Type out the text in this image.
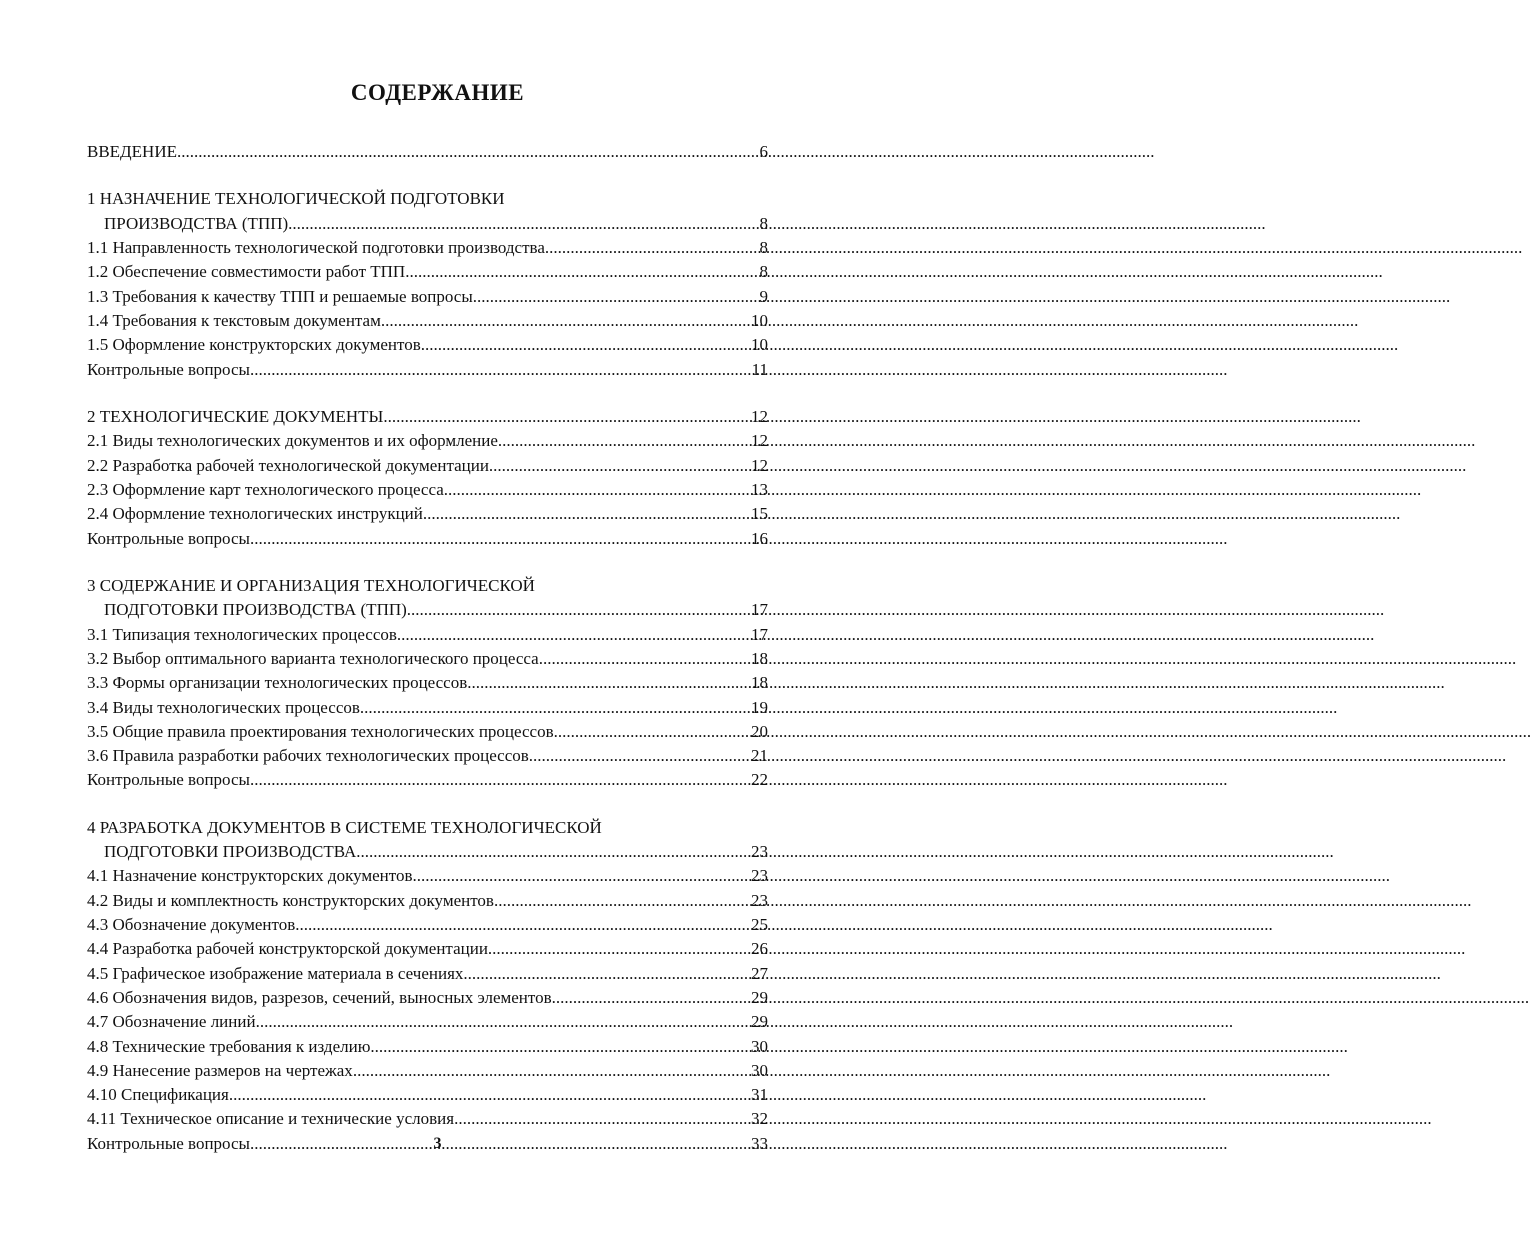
СОДЕРЖАНИЕ
ВВЕДЕНИЕ .....	6
1 НАЗНАЧЕНИЕ ТЕХНОЛОГИЧЕСКОЙ ПОДГОТОВКИ
ПРОИЗВОДСТВА (ТПП) .....	8
1.1 Направленность технологической подготовки производства .....	8
1.2 Обеспечение совместимости работ ТПП .....	8
1.3 Требования к качеству ТПП и решаемые вопросы .....	9
1.4 Требования к текстовым документам .....	10
1.5 Оформление конструкторских документов .....	10
Контрольные вопросы .....	11
2 ТЕХНОЛОГИЧЕСКИЕ ДОКУМЕНТЫ .....	12
2.1 Виды технологических документов и их оформление .....	12
2.2 Разработка рабочей технологической документации .....	12
2.3 Оформление карт технологического процесса .....	13
2.4 Оформление технологических инструкций .....	15
Контрольные вопросы .....	16
3 СОДЕРЖАНИЕ И ОРГАНИЗАЦИЯ ТЕХНОЛОГИЧЕСКОЙ
ПОДГОТОВКИ ПРОИЗВОДСТВА (ТПП) .....	17
3.1 Типизация технологических процессов .....	17
3.2 Выбор оптимального варианта технологического процесса .....	18
3.3 Формы организации технологических процессов .....	18
3.4 Виды технологических процессов .....	19
3.5 Общие правила проектирования технологических процессов .....	20
3.6 Правила разработки рабочих технологических процессов .....	21
Контрольные вопросы .....	22
4 РАЗРАБОТКА ДОКУМЕНТОВ В СИСТЕМЕ ТЕХНОЛОГИЧЕСКОЙ
ПОДГОТОВКИ ПРОИЗВОДСТВА .....	23
4.1 Назначение конструкторских документов .....	23
4.2 Виды и комплектность конструкторских документов .....	23
4.3 Обозначение документов .....	25
4.4 Разработка рабочей конструкторской документации .....	26
4.5 Графическое изображение материала в сечениях .....	27
4.6 Обозначения видов, разрезов, сечений, выносных элементов .....	29
4.7 Обозначение линий .....	29
4.8 Технические требования к изделию .....	30
4.9 Нанесение размеров на чертежах .....	30
4.10 Спецификация .....	31
4.11 Техническое описание и технические условия .....	32
Контрольные вопросы .....	33
3
